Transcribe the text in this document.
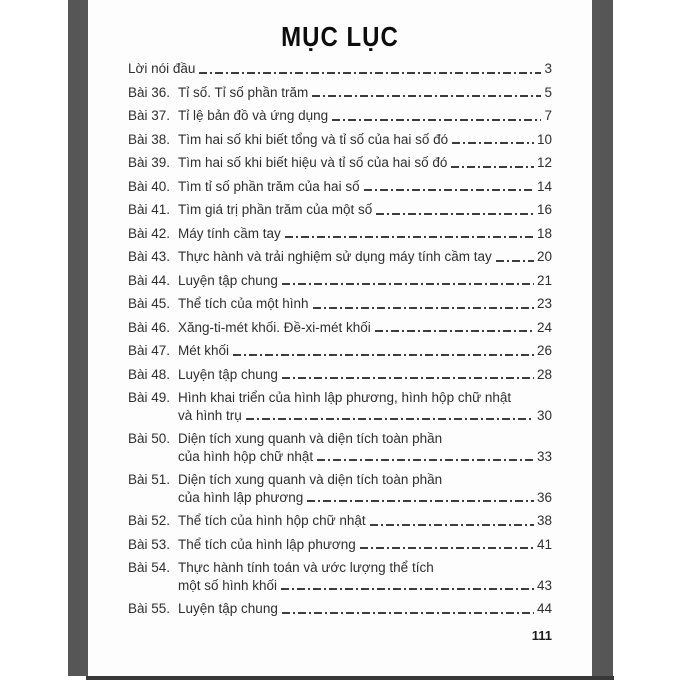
MỤC LỤC
Lời nói đầu	3
Bài 36. Tỉ số. Tỉ số phần trăm	5
Bài 37. Tỉ lệ bản đồ và ứng dụng	7
Bài 38. Tìm hai số khi biết tổng và tỉ số của hai số đó	10
Bài 39. Tìm hai số khi biết hiệu và tỉ số của hai số đó	12
Bài 40. Tìm tỉ số phần trăm của hai số	14
Bài 41. Tìm giá trị phần trăm của một số	16
Bài 42. Máy tính cầm tay	18
Bài 43. Thực hành và trải nghiệm sử dụng máy tính cầm tay	20
Bài 44. Luyện tập chung	21
Bài 45. Thể tích của một hình	23
Bài 46. Xăng-ti-mét khối. Đề-xi-mét khối	24
Bài 47. Mét khối	26
Bài 48. Luyện tập chung	28
Bài 49. Hình khai triển của hình lập phương, hình hộp chữ nhật
và hình trụ	30
Bài 50. Diện tích xung quanh và diện tích toàn phần
của hình hộp chữ nhật	33
Bài 51. Diện tích xung quanh và diện tích toàn phần
của hình lập phương	36
Bài 52. Thể tích của hình hộp chữ nhật	38
Bài 53. Thể tích của hình lập phương	41
Bài 54. Thực hành tính toán và ước lượng thể tích
một số hình khối	43
Bài 55. Luyện tập chung	44
111
